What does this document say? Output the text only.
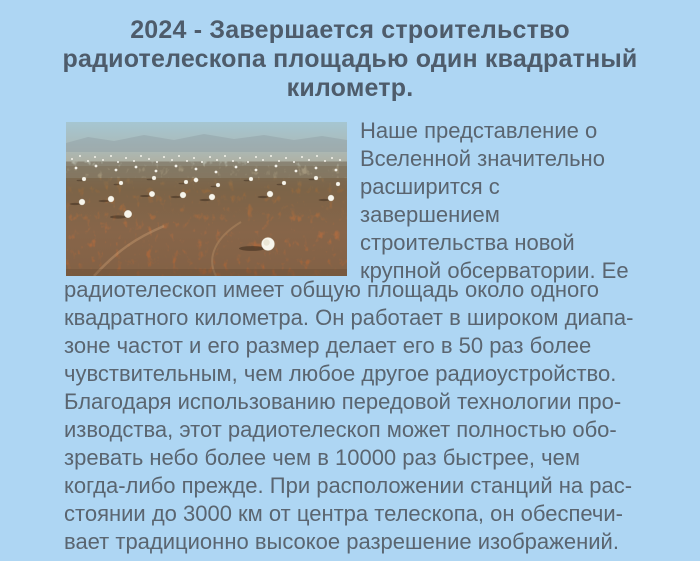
2024 - Завершается строительство
радиотелескопа площадью один квадратный
километр.
Наше представление о
Вселенной значительно
расширится с
завершением
строительства новой
крупной обсерватории. Ее
радиотелескоп имеет общую площадь около одного
квадратного километра. Он работает в широком диапа-
зоне частот и его размер делает его в 50 раз более
чувствительным, чем любое другое радиоустройство.
Благодаря использованию передовой технологии про-
изводства, этот радиотелескоп может полностью обо-
зревать небо более чем в 10000 раз быстрее, чем
когда-либо прежде. При расположении станций на рас-
стоянии до 3000 км от центра телескопа, он обеспечи-
вает традиционно высокое разрешение изображений.
